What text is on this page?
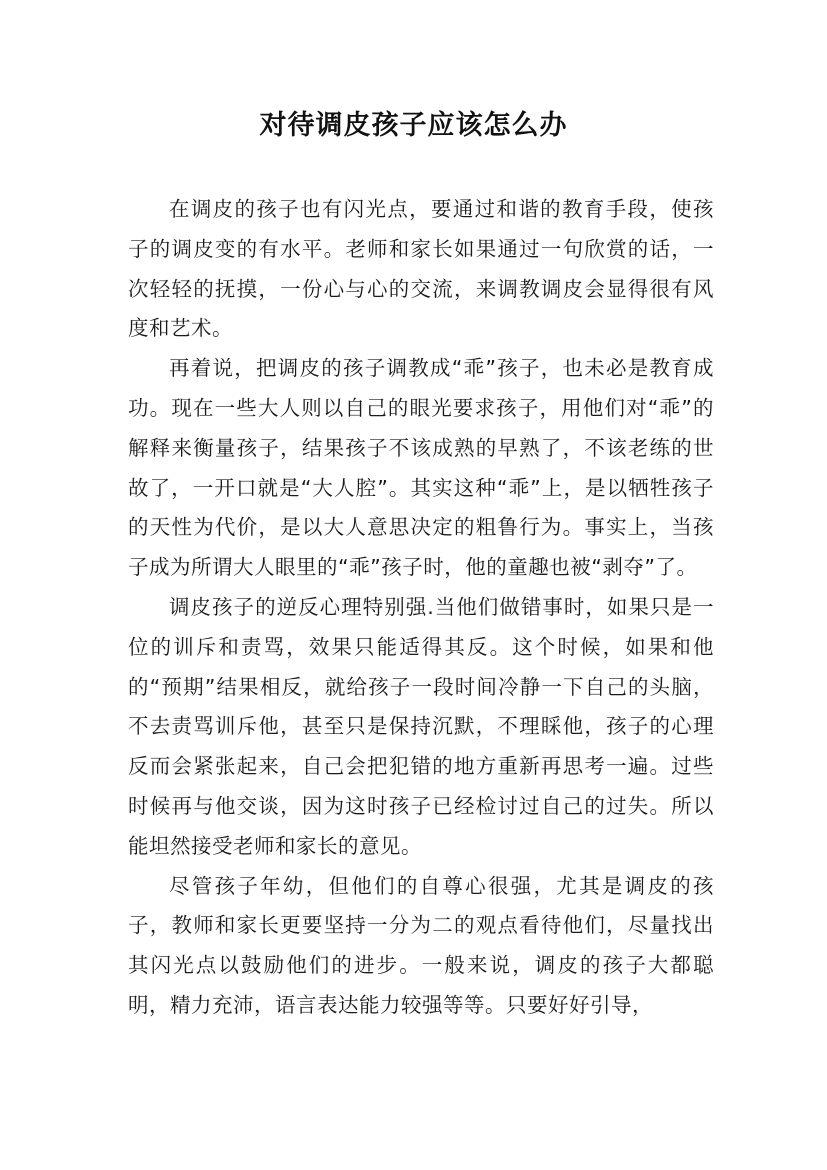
对待调皮孩子应该怎么办

在调皮的孩子也有闪光点，要通过和谐的教育手段，使孩子的调皮变的有水平。老师和家长如果通过一句欣赏的话，一次轻轻的抚摸，一份心与心的交流，来调教调皮会显得很有风度和艺术。

再着说，把调皮的孩子调教成“乖”孩子，也未必是教育成功。现在一些大人则以自己的眼光要求孩子，用他们对“乖”的解释来衡量孩子，结果孩子不该成熟的早熟了，不该老练的世故了，一开口就是“大人腔”。其实这种“乖”上，是以牺牲孩子的天性为代价，是以大人意思决定的粗鲁行为。事实上，当孩子成为所谓大人眼里的“乖”孩子时，他的童趣也被“剥夺”了。

调皮孩子的逆反心理特别强.当他们做错事时，如果只是一位的训斥和责骂，效果只能适得其反。这个时候，如果和他的“预期”结果相反，就给孩子一段时间冷静一下自己的头脑，不去责骂训斥他，甚至只是保持沉默，不理睬他，孩子的心理反而会紧张起来，自己会把犯错的地方重新再思考一遍。过些时候再与他交谈，因为这时孩子已经检讨过自己的过失。所以能坦然接受老师和家长的意见。

尽管孩子年幼，但他们的自尊心很强，尤其是调皮的孩子，教师和家长更要坚持一分为二的观点看待他们，尽量找出其闪光点以鼓励他们的进步。一般来说，调皮的孩子大都聪明，精力充沛，语言表达能力较强等等。只要好好引导，
